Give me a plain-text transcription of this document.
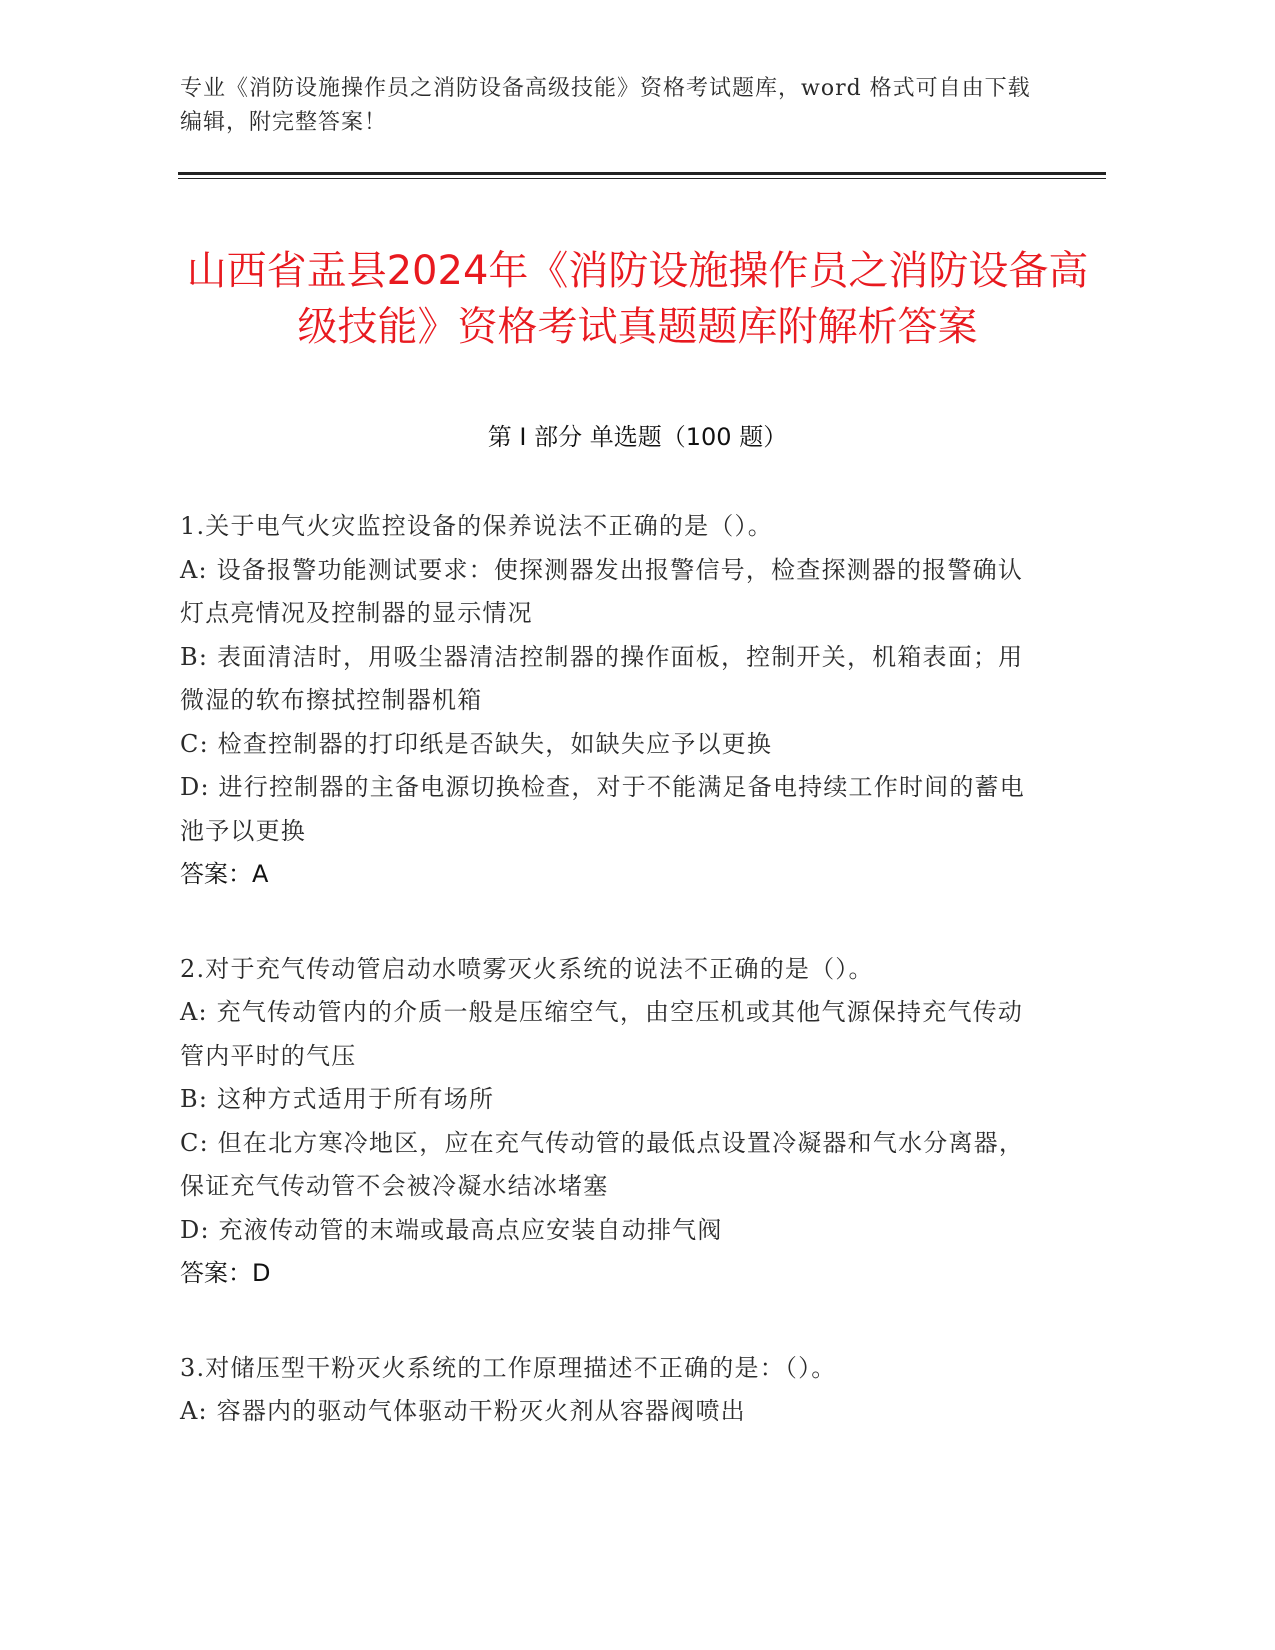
专业《消防设施操作员之消防设备高级技能》资格考试题库，word 格式可自由下载编辑，附完整答案！
山西省盂县2024年《消防设施操作员之消防设备高级技能》资格考试真题题库附解析答案
第 I 部分 单选题（100 题）

1.关于电气火灾监控设备的保养说法不正确的是（）。

A: 设备报警功能测试要求：使探测器发出报警信号，检查探测器的报警确认灯点亮情况及控制器的显示情况

B: 表面清洁时，用吸尘器清洁控制器的操作面板，控制开关，机箱表面；用微湿的软布擦拭控制器机箱

C: 检查控制器的打印纸是否缺失，如缺失应予以更换

D: 进行控制器的主备电源切换检查，对于不能满足备电持续工作时间的蓄电池予以更换

答案：A

2.对于充气传动管启动水喷雾灭火系统的说法不正确的是（）。

A: 充气传动管内的介质一般是压缩空气，由空压机或其他气源保持充气传动管内平时的气压

B: 这种方式适用于所有场所

C: 但在北方寒冷地区，应在充气传动管的最低点设置冷凝器和气水分离器，保证充气传动管不会被冷凝水结冰堵塞

D: 充液传动管的末端或最高点应安装自动排气阀

答案：D

3.对储压型干粉灭火系统的工作原理描述不正确的是：（）。

A: 容器内的驱动气体驱动干粉灭火剂从容器阀喷出
